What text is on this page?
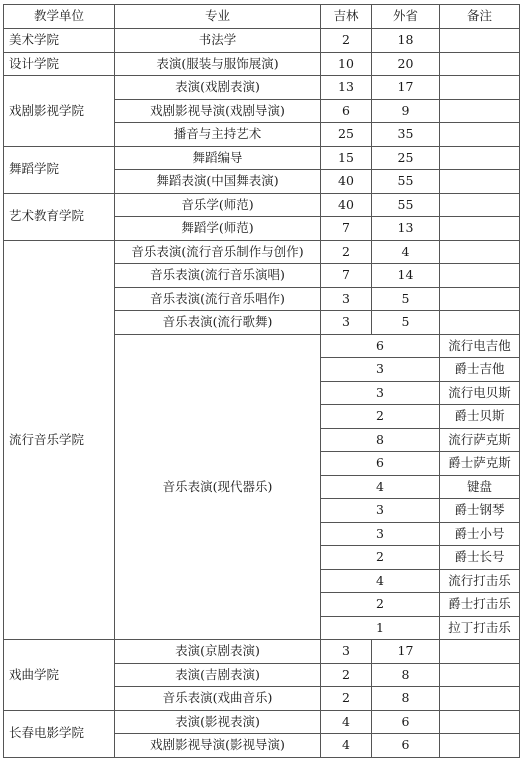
教学单位	专业	吉林	外省	备注
美术学院	书法学	2	18	
设计学院	表演(服装与服饰展演)	10	20	
戏剧影视学院	表演(戏剧表演)	13	17	
	戏剧影视导演(戏剧导演)	6	9	
	播音与主持艺术	25	35	
舞蹈学院	舞蹈编导	15	25	
	舞蹈表演(中国舞表演)	40	55	
艺术教育学院	音乐学(师范)	40	55	
	舞蹈学(师范)	7	13	
流行音乐学院	音乐表演(流行音乐制作与创作)	2	4	
	音乐表演(流行音乐演唱)	7	14	
	音乐表演(流行音乐唱作)	3	5	
	音乐表演(流行歌舞)	3	5	
	音乐表演(现代器乐)	6		流行电吉他
		3		爵士吉他
		3		流行电贝斯
		2		爵士贝斯
		8		流行萨克斯
		6		爵士萨克斯
		4		键盘
		3		爵士钢琴
		3		爵士小号
		2		爵士长号
		4		流行打击乐
		2		爵士打击乐
		1		拉丁打击乐
戏曲学院	表演(京剧表演)	3	17	
	表演(吉剧表演)	2	8	
	音乐表演(戏曲音乐)	2	8	
长春电影学院	表演(影视表演)	4	6	
	戏剧影视导演(影视导演)	4	6	
